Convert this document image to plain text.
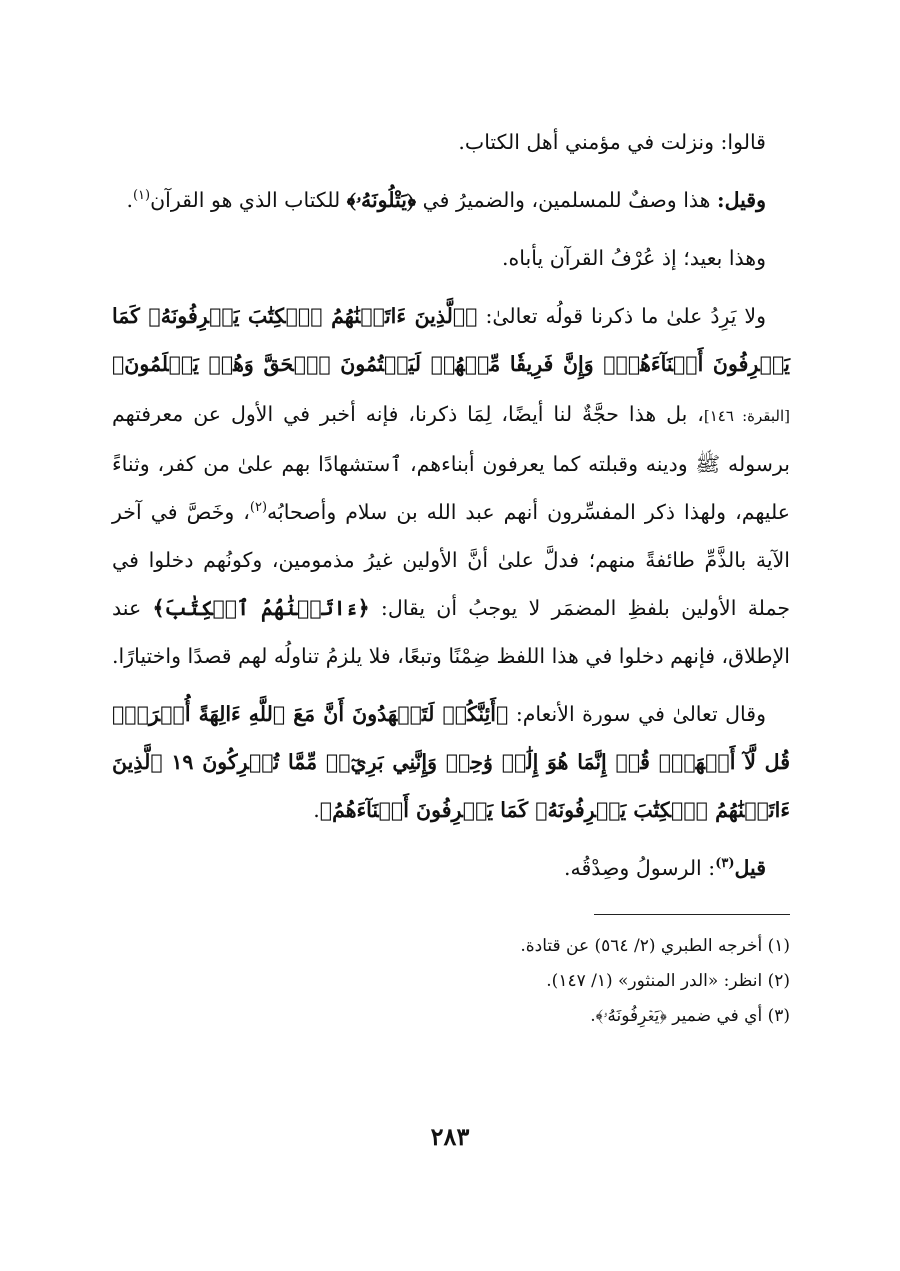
قالوا: ونزلت في مؤمني أهل الكتاب.

وقيل: هذا وصفٌ للمسلمين، والضميرُ في ﴿يَتْلُونَهُۥ﴾ للكتاب الذي هو القرآن$^{(١)}$.

وهذا بعيد؛ إذ عُرْفُ القرآن يأباه.

ولا يَرِدُ علىٰ ما ذكرنا قولُه تعالىٰ: ﴿ٱلَّذِينَ ءَاتَيۡنَٰهُمُ ٱلۡكِتَٰبَ يَعۡرِفُونَهُۥ كَمَا يَعۡرِفُونَ أَبۡنَآءَهُمۡۖ وَإِنَّ فَرِيقٗا مِّنۡهُمۡ لَيَكۡتُمُونَ ٱلۡحَقَّ وَهُمۡ يَعۡلَمُونَ﴾ [البقرة: ١٤٦]، بل هذا حجَّةٌ لنا أيضًا، لِمَا ذكرنا، فإنه أخبر في الأول عن معرفتهم برسوله ﷺ ودينه وقبلته كما يعرفون أبناءهم، ٱستشهادًا بهم علىٰ من كفر، وثناءً عليهم، ولهذا ذكر المفسِّرون أنهم عبد الله بن سلام وأصحابُه$^{(٢)}$، وخَصَّ في آخر الآية بالذَّمِّ طائفةً منهم؛ فدلَّ علىٰ أنَّ الأولين غيرُ مذمومين، وكونُهم دخلوا في جملة الأولين بلفظِ المضمَر لا يوجبُ أن يقال: ﴿ءَاتَيۡنَٰهُمُ ٱلۡكِتَٰبَ﴾ عند الإطلاق، فإنهم دخلوا في هذا اللفظ ضِمْنًا وتبعًا، فلا يلزمُ تناولُه لهم قصدًا واختيارًا.

وقال تعالىٰ في سورة الأنعام: ﴿أَئِنَّكُمۡ لَتَشۡهَدُونَ أَنَّ مَعَ ٱللَّهِ ءَالِهَةً أُخۡرَىٰۚ قُل لَّآ أَشۡهَدُۚ قُلۡ إِنَّمَا هُوَ إِلَٰهٞ وَٰحِدٞ وَإِنَّنِي بَرِيٓءٞ مِّمَّا تُشۡرِكُونَ ١٩ ٱلَّذِينَ ءَاتَيۡنَٰهُمُ ٱلۡكِتَٰبَ يَعۡرِفُونَهُۥ كَمَا يَعۡرِفُونَ أَبۡنَآءَهُمُ﴾.

قيل$^{(٣)}$: الرسولُ وصِدْقُه.

(١) أخرجه الطبري (٢/ ٥٦٤) عن قتادة.

(٢) انظر: «الدر المنثور» (١/ ١٤٧).

(٣) أي في ضمير ﴿يَعۡرِفُونَهُۥ﴾.

٢٨٣
